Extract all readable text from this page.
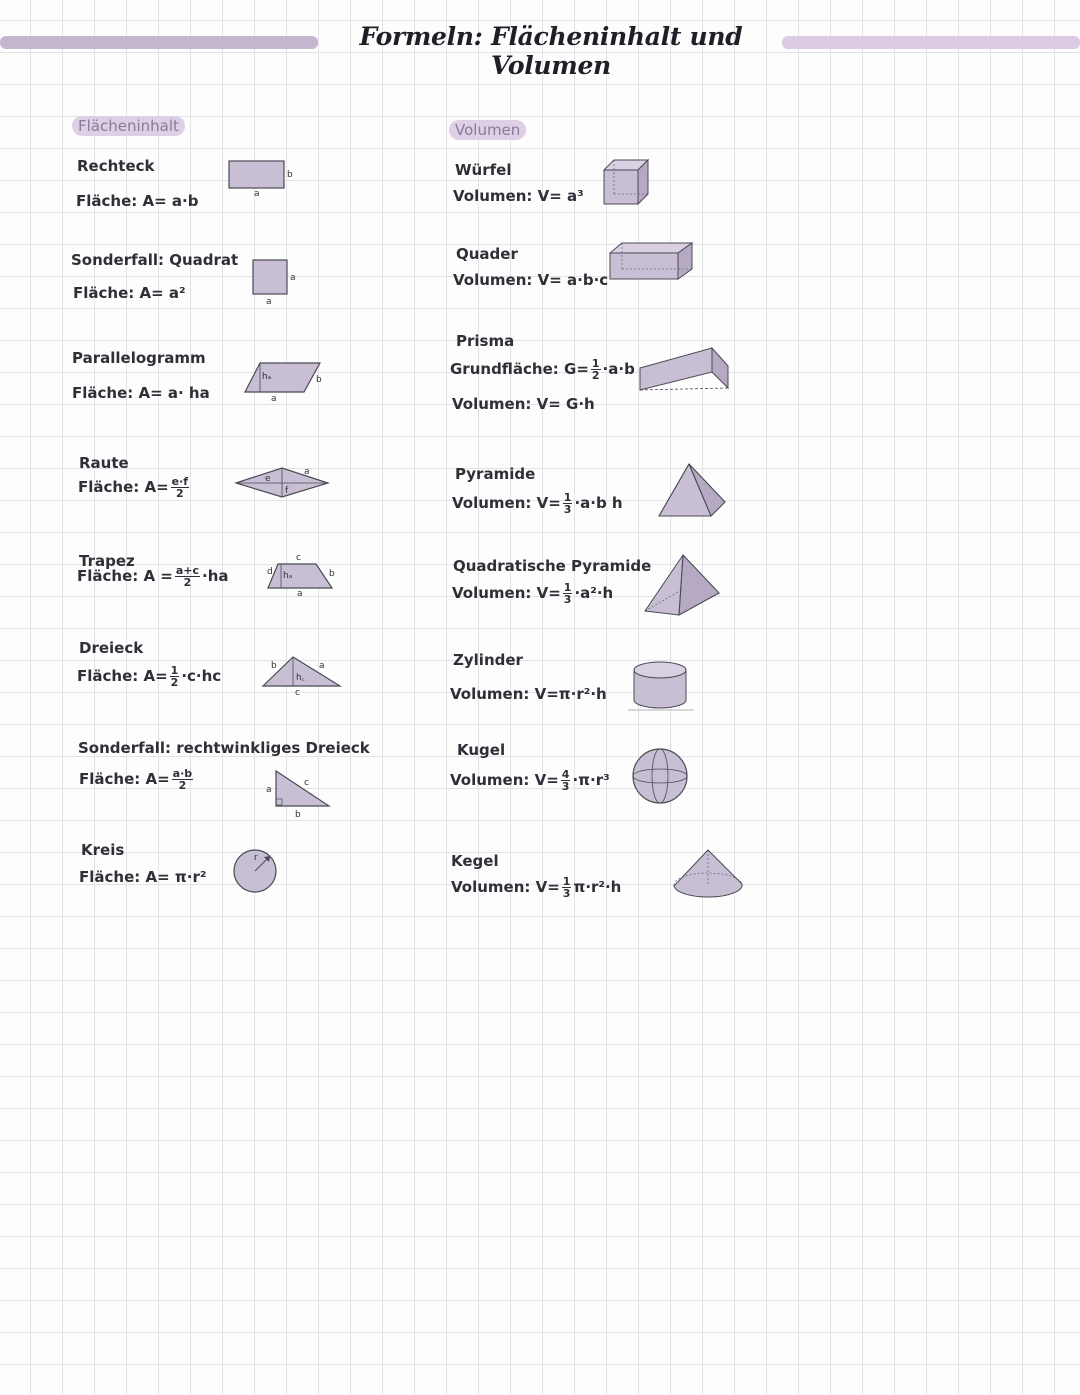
Formeln: Flächeninhalt und Volumen
Flächeninhalt
Rechteck
Fläche: A= a·b	a
b
Sonderfall: Quadrat
Fläche: A= a²
a
a
Parallelogramm
Fläche: A= a· ha
hₐ
a
b
Raute
Fläche: $A= \frac{e\cdot f}{2}$	e
f
a
Trapez
Fläche: $A = \frac{a+c}{2} \cdot ha$	d
c
hₐ
a
b
Dreieck
Fläche: $A= \frac{1}{2} \cdot c\cdot hc$
b	a
h꜀
c
Sonderfall: rechtwinkliges Dreieck
Fläche: $A= \frac{a\cdot b}{2}$	a
c
b
Kreis
Fläche: A= π·r²
r
Volumen
Würfel
Volumen: V= a³
Quader
Volumen: V= a·b·c
Prisma
Grundfläche: $G= \frac{1}{2} \cdot a\cdot b$
Volumen: V= G·h
Pyramide
Volumen: $V= \frac{1}{3} \cdot a\cdot b$ h
Quadratische Pyramide
Volumen: $V= \frac{1}{3} \cdot a^2\cdot h$
Zylinder
Volumen: V=π·r²·h
Kugel
Volumen: $V= \frac{4}{3} \cdot\pi\cdot r^3$
Kegel
Volumen: $V= \frac{1}{3} \pi\cdot r^2\cdot h$
